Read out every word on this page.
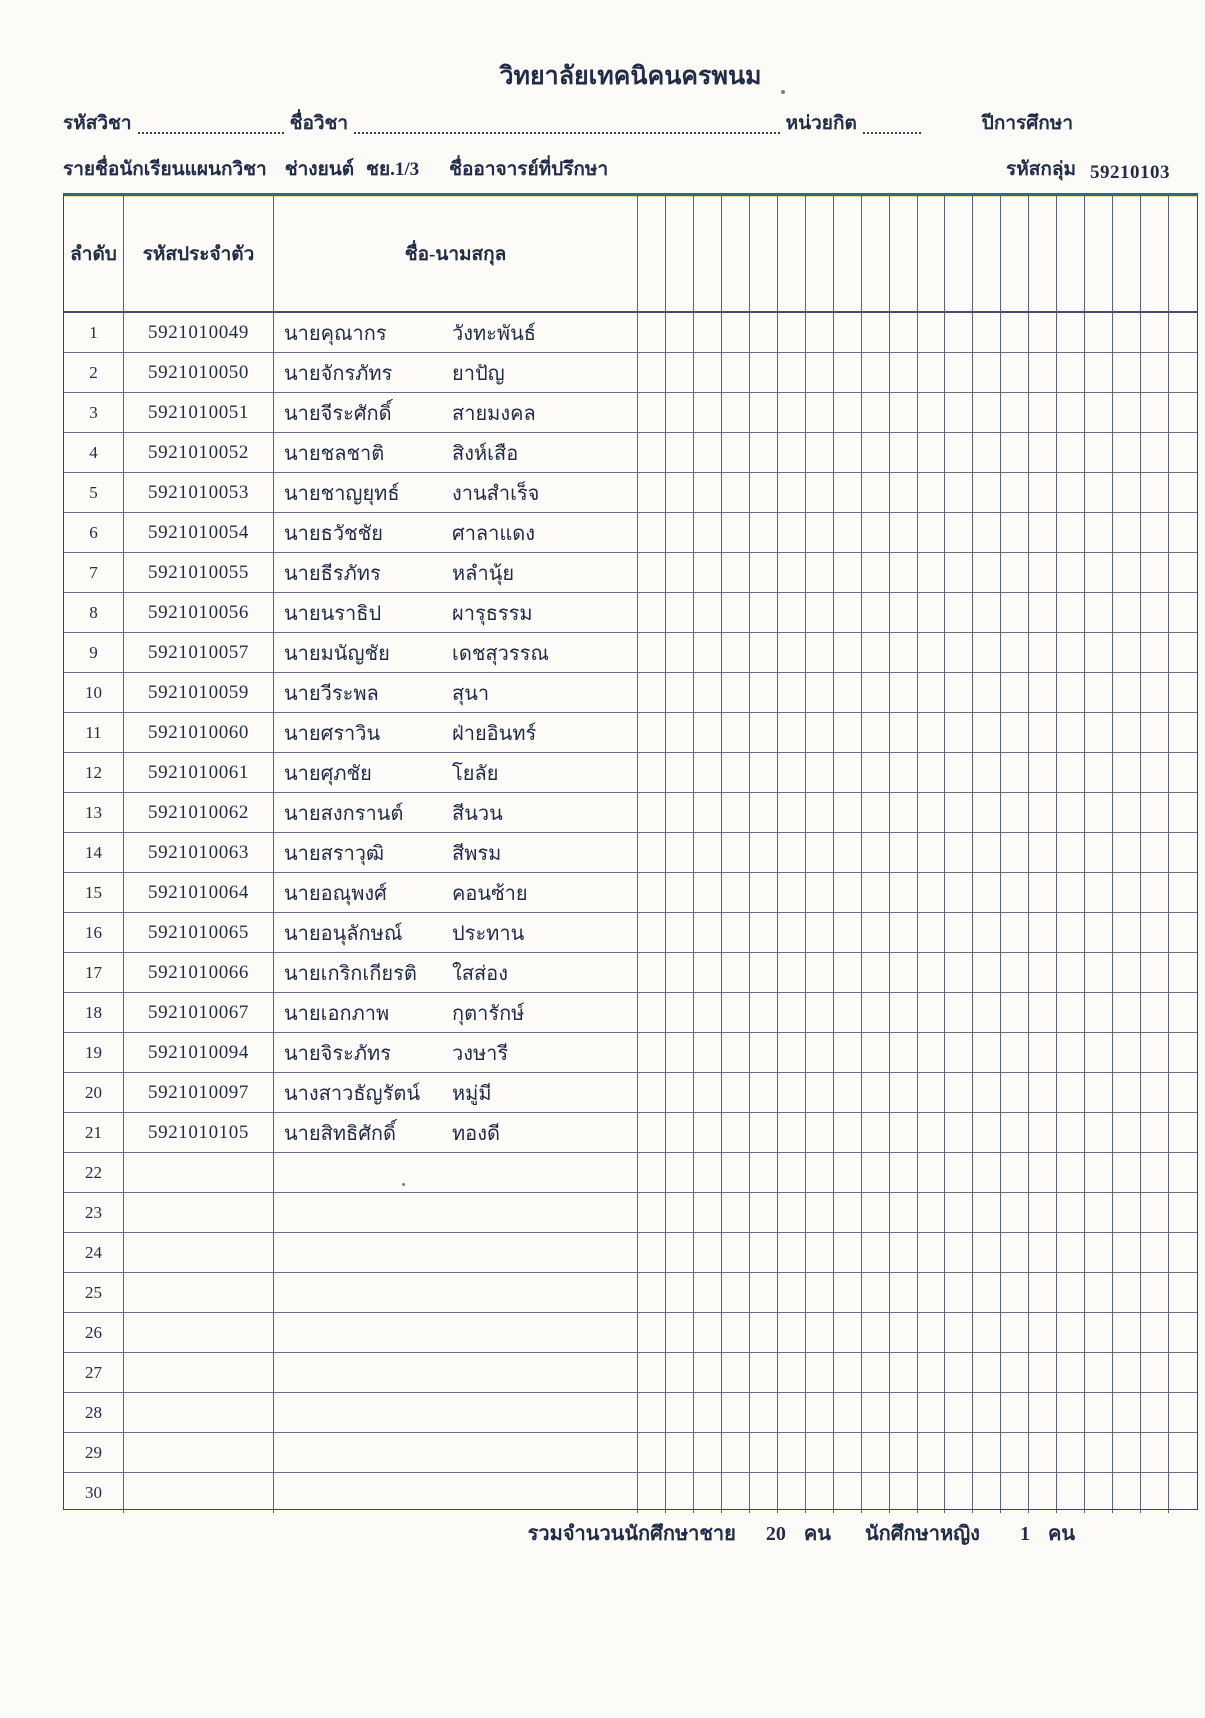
วิทยาลัยเทคนิคนครพนม
รหัสวิชา	ชื่อวิชา	หน่วยกิต	ปีการศึกษา
รายชื่อนักเรียนแผนกวิชา ช่างยนต์ ชย.1/3 ชื่ออาจารย์ที่ปรึกษา	รหัสกลุ่ม 59210103
ลำดับ	รหัสประจำตัว	ชื่อ-นามสกุล
1	5921010049	นายคุณากร	วังทะพันธ์
2	5921010050	นายจักรภัทร	ยาปัญ
3	5921010051	นายจีระศักดิ์	สายมงคล
4	5921010052	นายชลชาติ	สิงห์เสือ
5	5921010053	นายชาญยุทธ์	งานสำเร็จ
6	5921010054	นายธวัชชัย	ศาลาแดง
7	5921010055	นายธีรภัทร	หลำนุ้ย
8	5921010056	นายนราธิป	ผารุธรรม
9	5921010057	นายมนัญชัย	เดชสุวรรณ
10	5921010059	นายวีระพล	สุนา
11	5921010060	นายศราวิน	ฝ่ายอินทร์
12	5921010061	นายศุภชัย	โยลัย
13	5921010062	นายสงกรานต์	สีนวน
14	5921010063	นายสราวุฒิ	สีพรม
15	5921010064	นายอณุพงศ์	คอนซ้าย
16	5921010065	นายอนุลักษณ์	ประทาน
17	5921010066	นายเกริกเกียรติ	ใสส่อง
18	5921010067	นายเอกภาพ	กุตารักษ์
19	5921010094	นายจิระภัทร	วงษารี
20	5921010097	นางสาวธัญรัตน์	หมู่มี
21	5921010105	นายสิทธิศักดิ์	ทองดี
22
23
24
25
26
27
28
29
30
รวมจำนวนนักศึกษาชาย 20 คน นักศึกษาหญิง 1 คน
